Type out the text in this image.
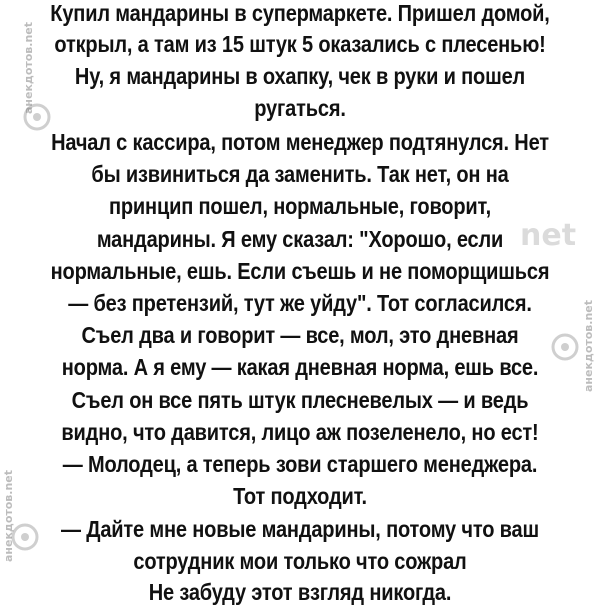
анекдотов.net
анекдотов.net
анекдотов.net
net
Купил мандарины в супермаркете. Пришел домой,
открыл, а там из 15 штук 5 оказались с плесенью!
Ну, я мандарины в охапку, чек в руки и пошел
ругаться.
Начал с кассира, потом менеджер подтянулся. Нет
бы извиниться да заменить. Так нет, он на
принцип пошел, нормальные, говорит,
мандарины. Я ему сказал: "Хорошо, если
нормальные, ешь. Если съешь и не поморщишься
— без претензий, тут же уйду". Тот согласился.
Съел два и говорит — все, мол, это дневная
норма. А я ему — какая дневная норма, ешь все.
Съел он все пять штук плесневелых — и ведь
видно, что давится, лицо аж позеленело, но ест!
— Молодец, а теперь зови старшего менеджера.
Тот подходит.
— Дайте мне новые мандарины, потому что ваш
сотрудник мои только что сожрал
Не забуду этот взгляд никогда.
